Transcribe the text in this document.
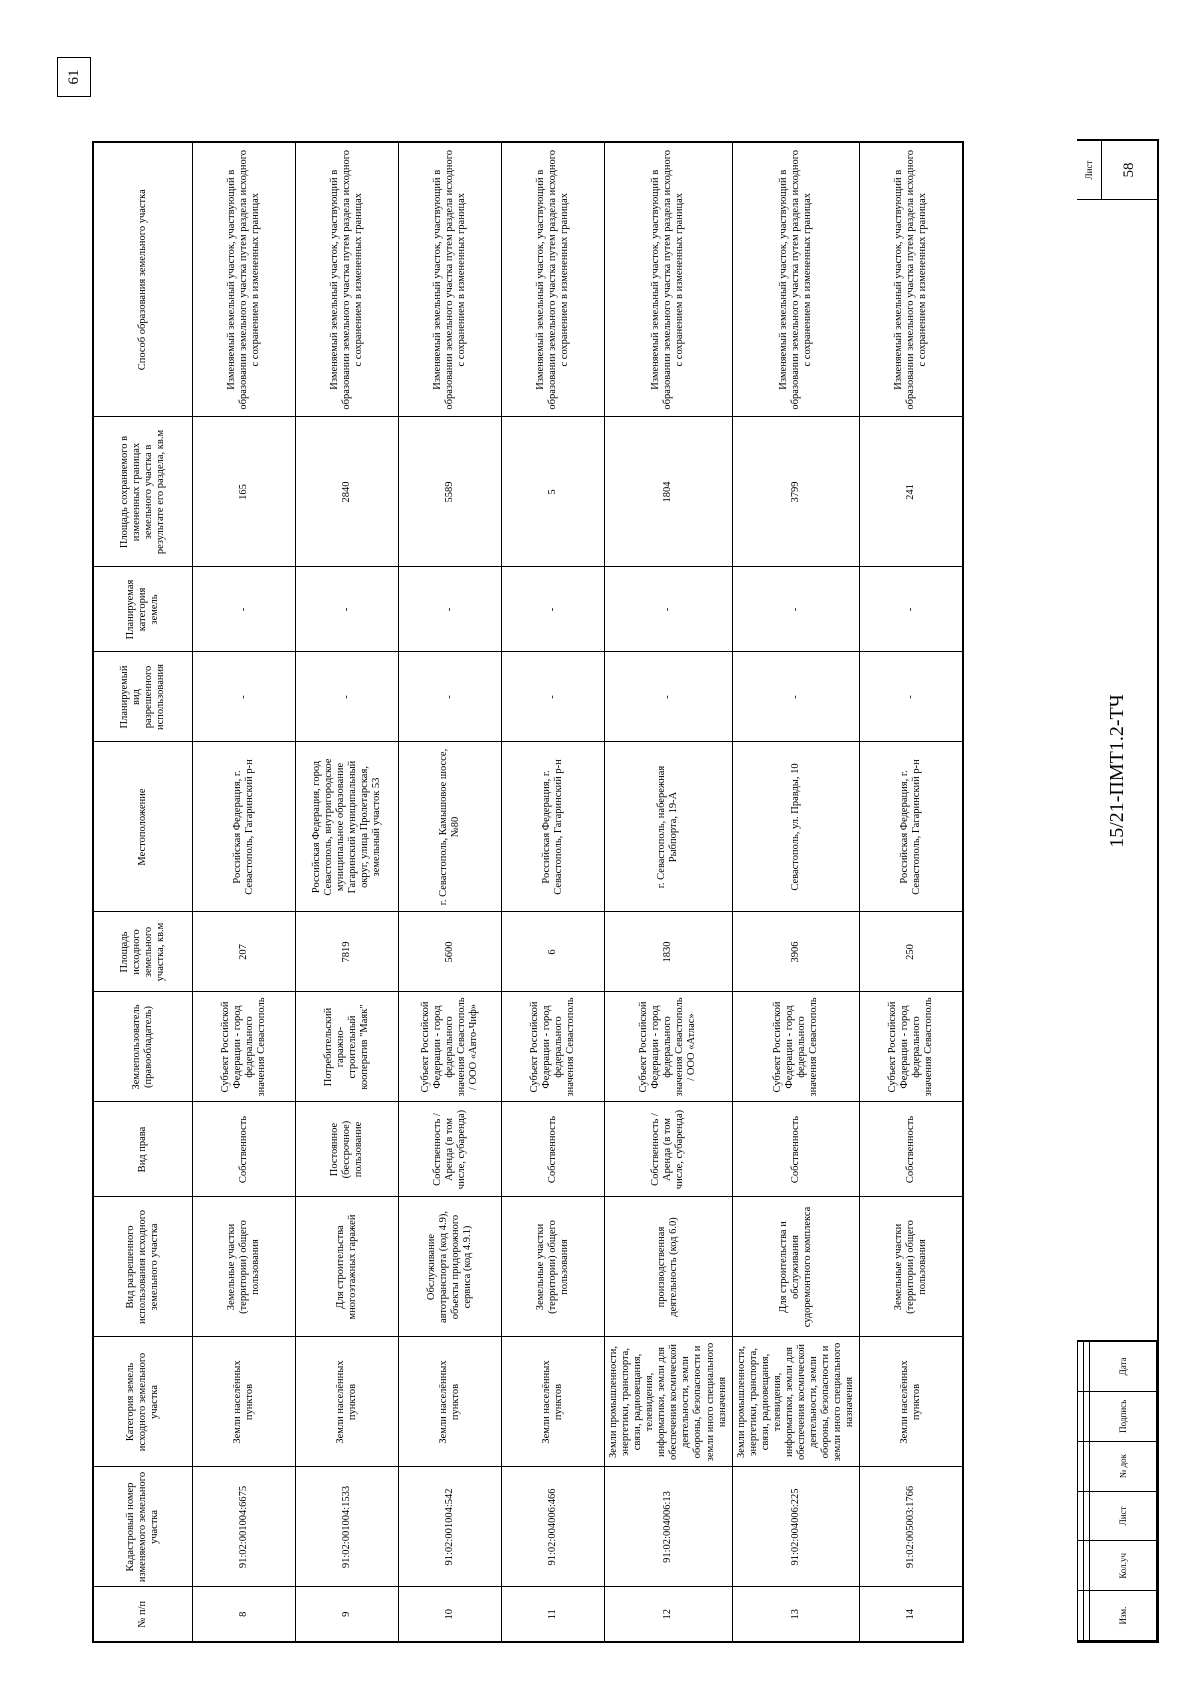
61
№ п/п	Кадастровый номер изменяемого земельного участка	Категория земель исходного земельного участка	Вид разрешенного использования исходного земельного участка	Вид права	Землепользователь (правообладатель)	Площадь исходного земельного участка, кв.м	Местоположение	Планируемый вид разрешенного использования	Планируемая категория земель	Площадь сохраняемого в измененных границах земельного участка в результате его раздела, кв.м	Способ образования земельного участка
8	91:02:001004:6675	Земли населённых пунктов	Земельные участки (территории) общего пользования	Собственность	Субъект Российской Федерации - город федерального значения Севастополь	207	Российская Федерация, г. Севастополь, Гагаринский р-н	-	-	165	Изменяемый земельный участок, участвующий в образовании земельного участка путем раздела исходного с сохранением в измененных границах
9	91:02:001004:1533	Земли населённых пунктов	Для строительства многоэтажных гаражей	Постоянное (бессрочное) пользование	Потребительский гаражно-строительный кооператив "Маяк"	7819	Российская Федерация, город Севастополь, внутригородское муниципальное образование Гагаринский муниципальный округ, улица Пролетарская, земельный участок 53	-	-	2840	Изменяемый земельный участок, участвующий в образовании земельного участка путем раздела исходного с сохранением в измененных границах
10	91:02:001004:542	Земли населённых пунктов	Обслуживание автотранспорта (код 4.9), объекты придорожного сервиса (код 4.9.1)	Собственность / Аренда (в том числе, субаренда)	Субъект Российской Федерации - город федерального значения Севастополь / ООО «Авто-Чиф»	5600	г. Севастополь, Камышовое шоссе, №80	-	-	5589	Изменяемый земельный участок, участвующий в образовании земельного участка путем раздела исходного с сохранением в измененных границах
11	91:02:004006:466	Земли населённых пунктов	Земельные участки (территории) общего пользования	Собственность	Субъект Российской Федерации - город федерального значения Севастополь	6	Российская Федерация, г. Севастополь, Гагаринский р-н	-	-	5	Изменяемый земельный участок, участвующий в образовании земельного участка путем раздела исходного с сохранением в измененных границах
12	91:02:004006:13	Земли промышленности, энергетики, транспорта, связи, радиовещания, телевидения, информатики, земли для обеспечения космической деятельности, земли обороны, безопасности и земли иного специального назначения	производственная деятельность (код 6.0)	Собственность / Аренда (в том числе, субаренда)	Субъект Российской Федерации - город федерального значения Севастополь / ООО «Атлас»	1830	г. Севастополь, набережная Рыбпорта, 19-А	-	-	1804	Изменяемый земельный участок, участвующий в образовании земельного участка путем раздела исходного с сохранением в измененных границах
13	91:02:004006:225	Земли промышленности, энергетики, транспорта, связи, радиовещания, телевидения, информатики, земли для обеспечения космической деятельности, земли обороны, безопасности и земли иного специального назначения	Для строительства и обслуживания судоремонтного комплекса	Собственность	Субъект Российской Федерации - город федерального значения Севастополь	3906	Севастополь, ул. Правды, 10	-	-	3799	Изменяемый земельный участок, участвующий в образовании земельного участка путем раздела исходного с сохранением в измененных границах
14	91:02:005003:1766	Земли населённых пунктов	Земельные участки (территории) общего пользования	Собственность	Субъект Российской Федерации - город федерального значения Севастополь	250	Российская Федерация, г. Севастополь, Гагаринский р-н	-	-	241	Изменяемый земельный участок, участвующий в образовании земельного участка путем раздела исходного с сохранением в измененных границах

Изм.	Кол.уч	Лист	№ док	Подпись	Дата
15/21-ПМТ1.2-ТЧ
Лист	58
